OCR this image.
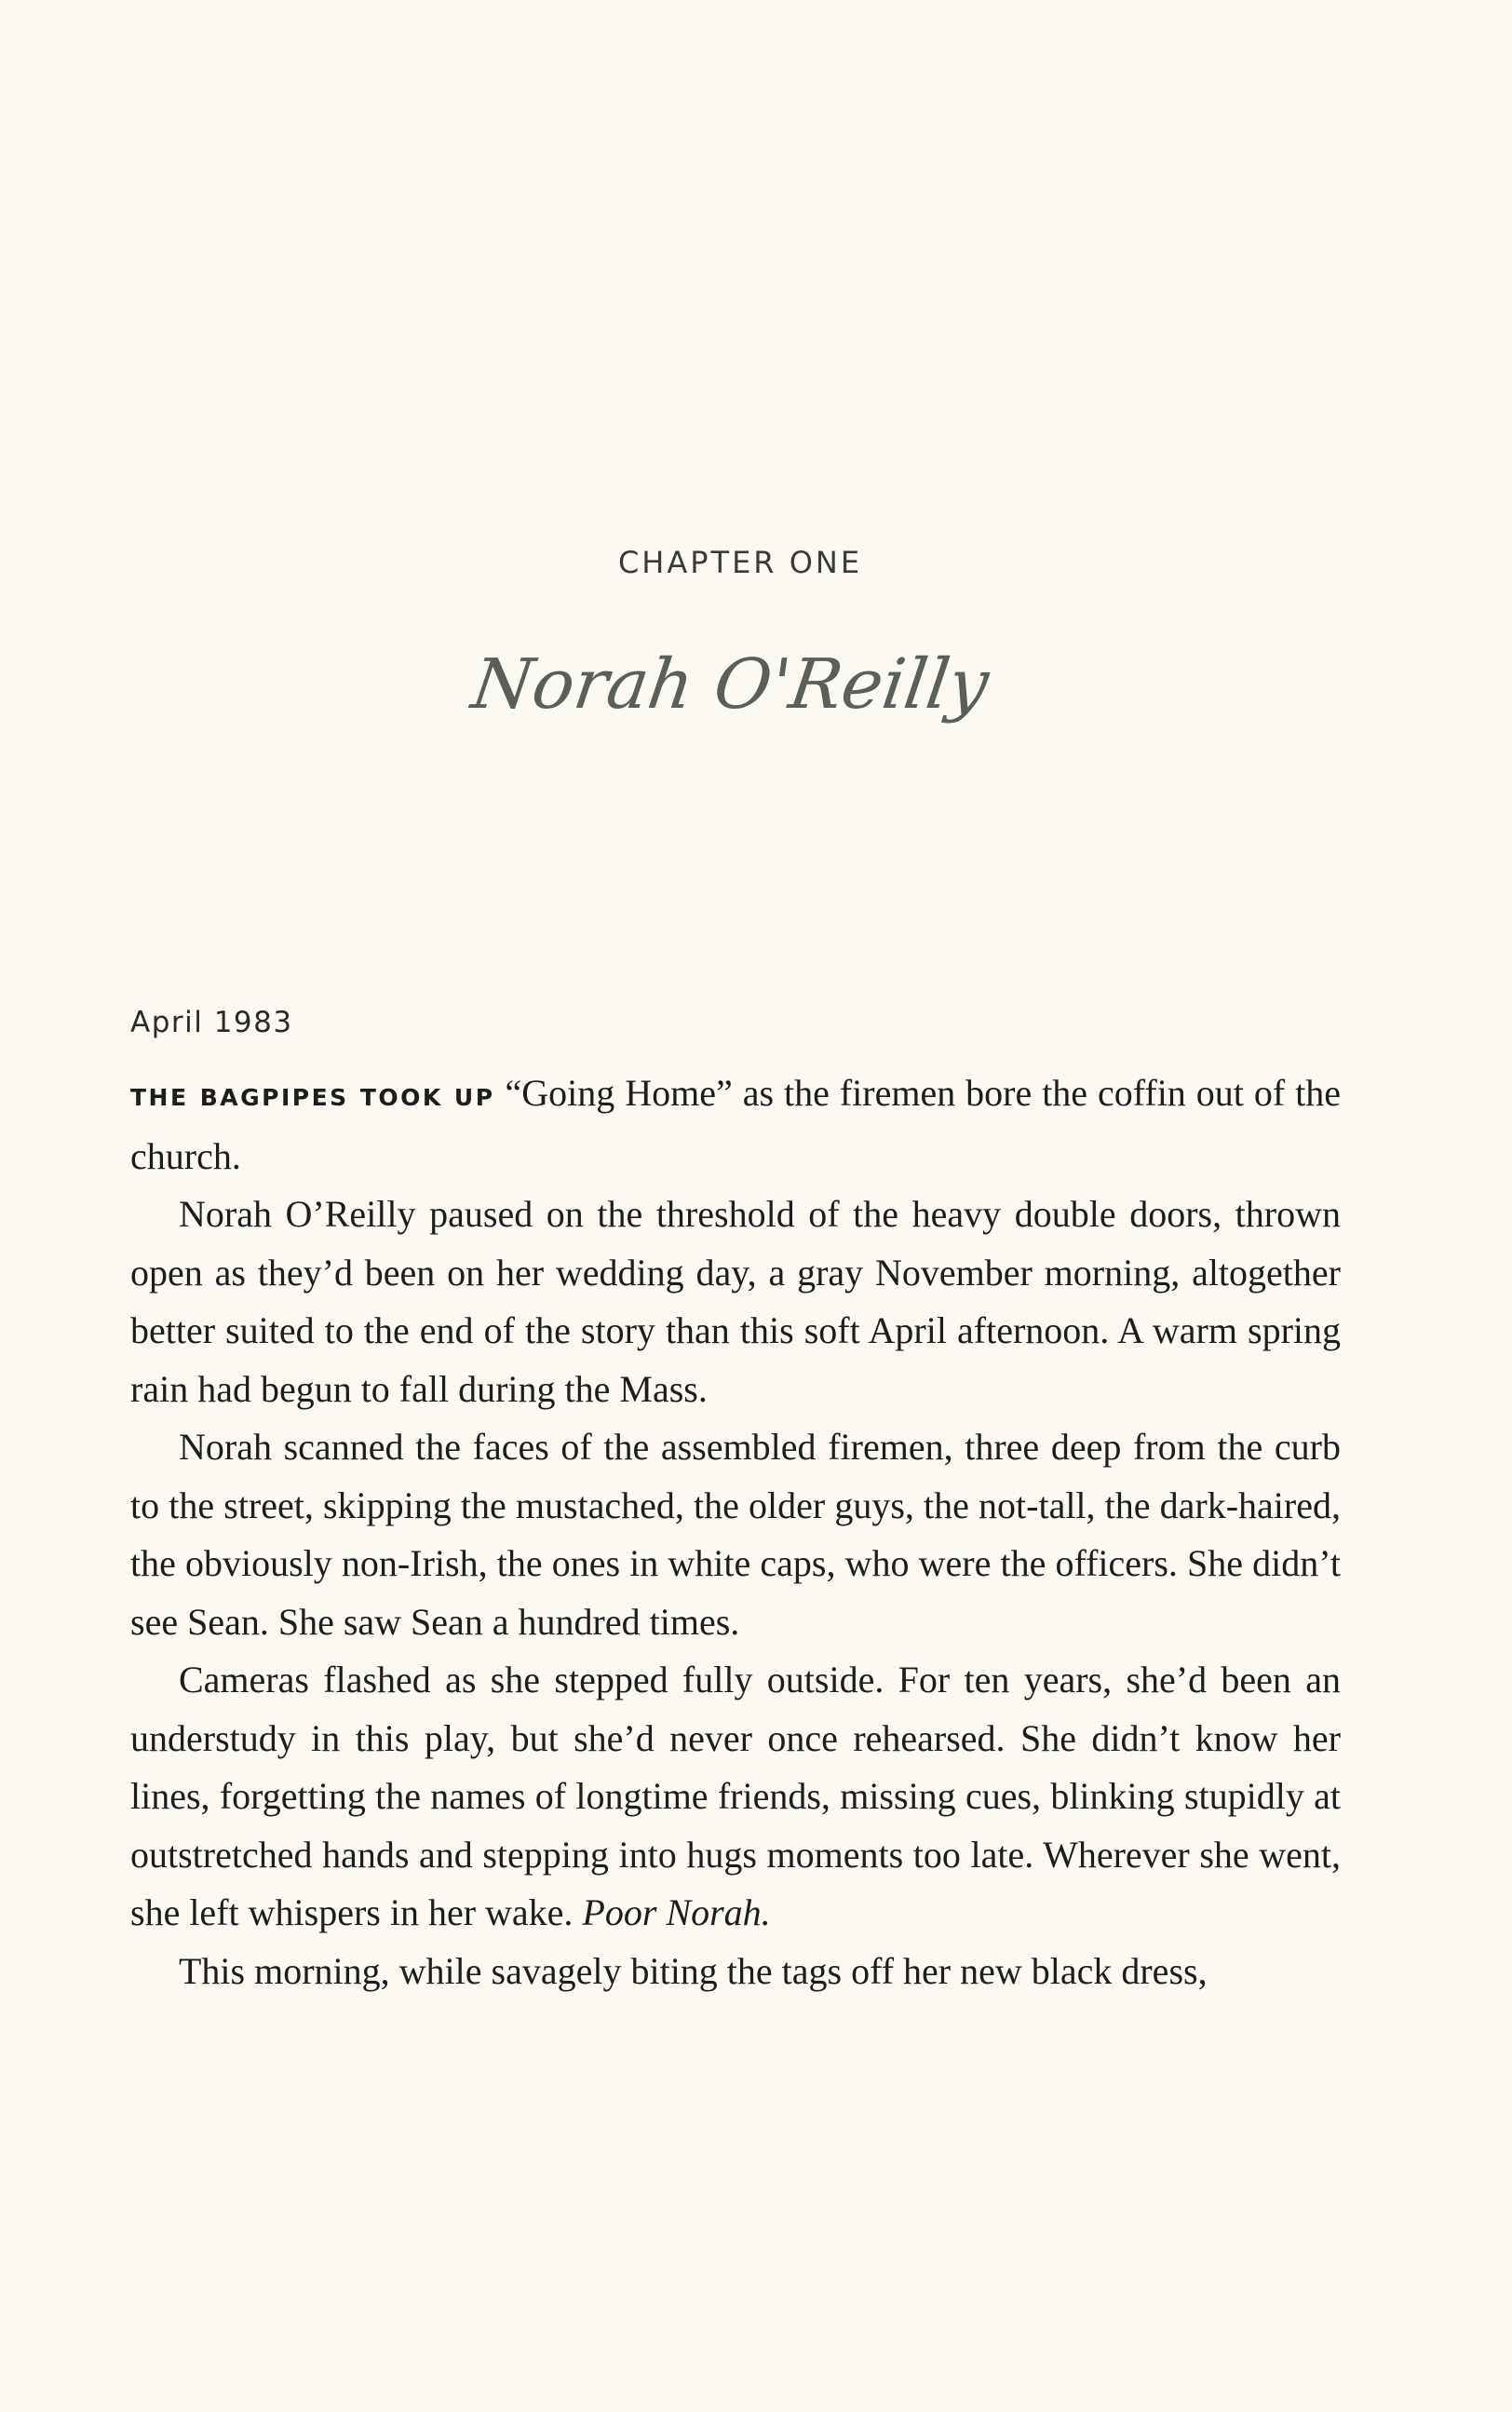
CHAPTER ONE
Norah O'Reilly
April 1983

THE BAGPIPES TOOK UP “Going Home” as the firemen bore the coffin out of the church.

Norah O’Reilly paused on the threshold of the heavy double doors, thrown open as they’d been on her wedding day, a gray November morning, altogether better suited to the end of the story than this soft April afternoon. A warm spring rain had begun to fall during the Mass.

Norah scanned the faces of the assembled firemen, three deep from the curb to the street, skipping the mustached, the older guys, the not-tall, the dark-haired, the obviously non-Irish, the ones in white caps, who were the officers. She didn’t see Sean. She saw Sean a hundred times.

Cameras flashed as she stepped fully outside. For ten years, she’d been an understudy in this play, but she’d never once rehearsed. She didn’t know her lines, forgetting the names of longtime friends, missing cues, blinking stupidly at outstretched hands and stepping into hugs moments too late. Wherever she went, she left whispers in her wake. Poor Norah.

This morning, while savagely biting the tags off her new black dress,
